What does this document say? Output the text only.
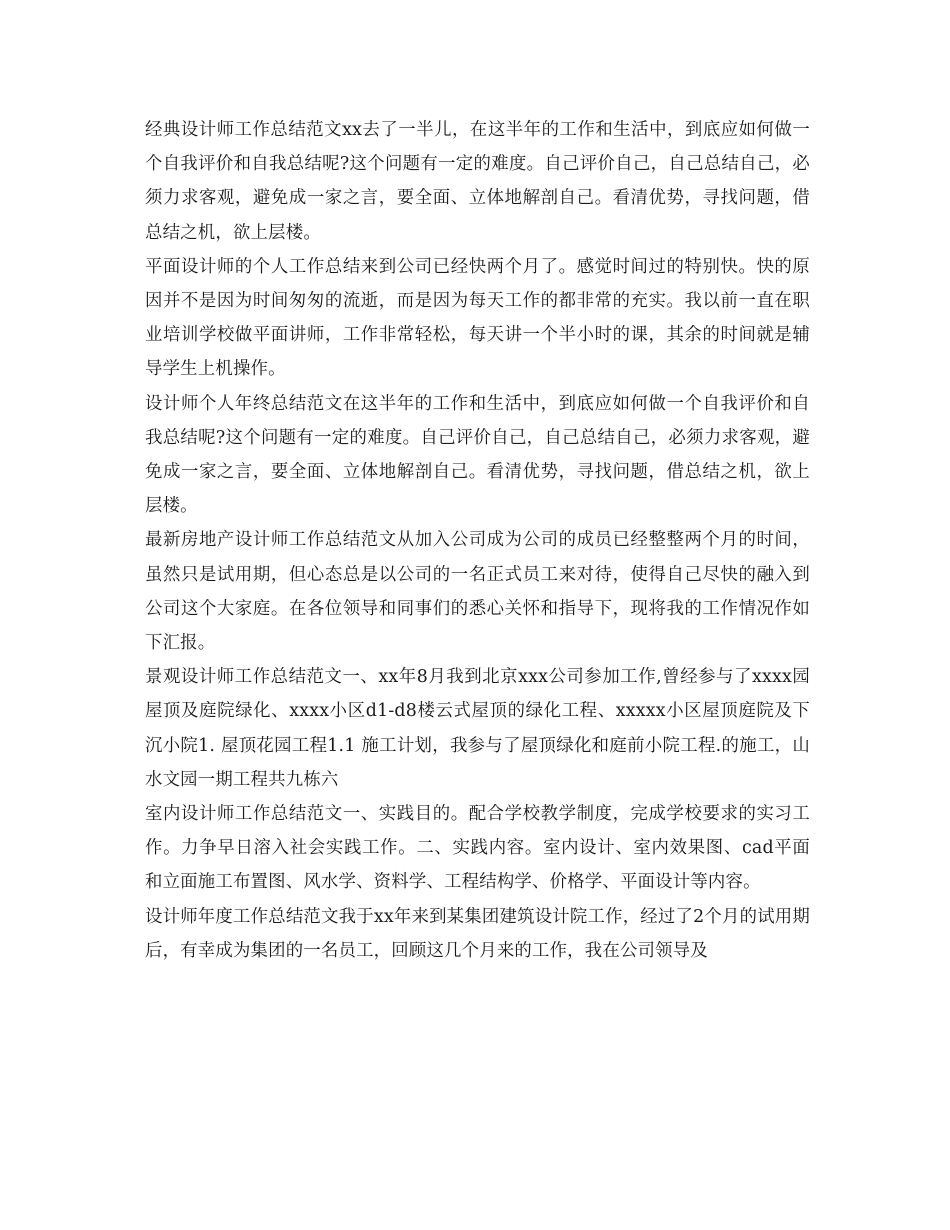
经典设计师工作总结范文xx去了一半儿，在这半年的工作和生活中，到底应如何做一个自我评价和自我总结呢?这个问题有一定的难度。自己评价自己，自己总结自己，必须力求客观，避免成一家之言，要全面、立体地解剖自己。看清优势，寻找问题，借总结之机，欲上层楼。

平面设计师的个人工作总结来到公司已经快两个月了。感觉时间过的特别快。快的原因并不是因为时间匆匆的流逝，而是因为每天工作的都非常的充实。我以前一直在职业培训学校做平面讲师，工作非常轻松，每天讲一个半小时的课，其余的时间就是辅导学生上机操作。

设计师个人年终总结范文在这半年的工作和生活中，到底应如何做一个自我评价和自我总结呢?这个问题有一定的难度。自己评价自己，自己总结自己，必须力求客观，避免成一家之言，要全面、立体地解剖自己。看清优势，寻找问题，借总结之机，欲上层楼。

最新房地产设计师工作总结范文从加入公司成为公司的成员已经整整两个月的时间，虽然只是试用期，但心态总是以公司的一名正式员工来对待，使得自己尽快的融入到公司这个大家庭。在各位领导和同事们的悉心关怀和指导下，现将我的工作情况作如下汇报。

景观设计师工作总结范文一、xx年8月我到北京xxx公司参加工作,曾经参与了xxxx园屋顶及庭院绿化、xxxx小区d1-d8楼云式屋顶的绿化工程、xxxxx小区屋顶庭院及下沉小院1. 屋顶花园工程1.1 施工计划，我参与了屋顶绿化和庭前小院工程.的施工，山水文园一期工程共九栋六

室内设计师工作总结范文一、实践目的。配合学校教学制度，完成学校要求的实习工作。力争早日溶入社会实践工作。二、实践内容。室内设计、室内效果图、cad平面和立面施工布置图、风水学、资料学、工程结构学、价格学、平面设计等内容。

设计师年度工作总结范文我于xx年来到某集团建筑设计院工作，经过了2个月的试用期后，有幸成为集团的一名员工，回顾这几个月来的工作，我在公司领导及
